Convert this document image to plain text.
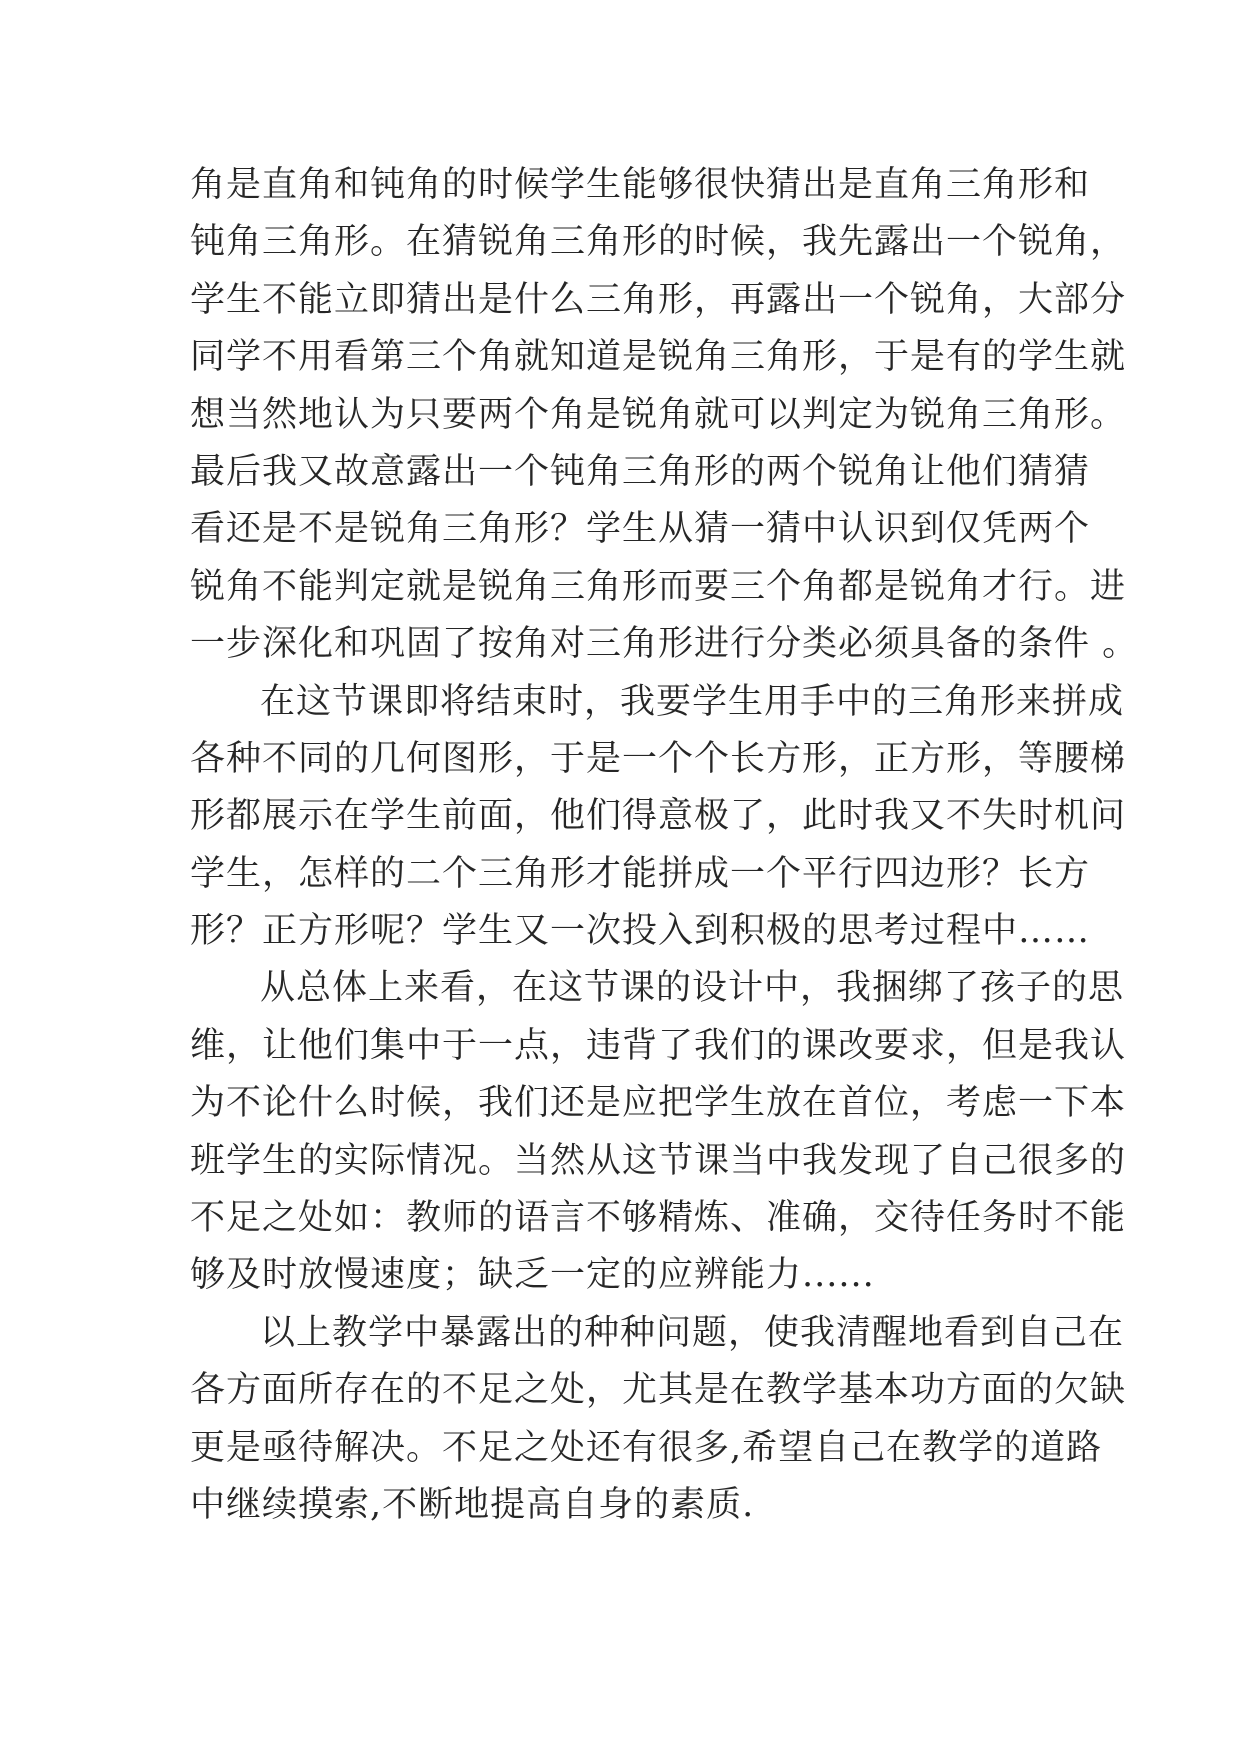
角是直角和钝角的时候学生能够很快猜出是直角三角形和
钝角三角形。在猜锐角三角形的时候，我先露出一个锐角，
学生不能立即猜出是什么三角形，再露出一个锐角，大部分
同学不用看第三个角就知道是锐角三角形，于是有的学生就
想当然地认为只要两个角是锐角就可以判定为锐角三角形。
最后我又故意露出一个钝角三角形的两个锐角让他们猜猜
看还是不是锐角三角形？学生从猜一猜中认识到仅凭两个
锐角不能判定就是锐角三角形而要三个角都是锐角才行。进
一步深化和巩固了按角对三角形进行分类必须具备的条件 。
在这节课即将结束时，我要学生用手中的三角形来拼成
各种不同的几何图形，于是一个个长方形，正方形，等腰梯
形都展示在学生前面，他们得意极了，此时我又不失时机问
学生，怎样的二个三角形才能拼成一个平行四边形？长方
形？正方形呢？学生又一次投入到积极的思考过程中……
从总体上来看，在这节课的设计中，我捆绑了孩子的思
维，让他们集中于一点，违背了我们的课改要求，但是我认
为不论什么时候，我们还是应把学生放在首位，考虑一下本
班学生的实际情况。当然从这节课当中我发现了自己很多的
不足之处如：教师的语言不够精炼、准确，交待任务时不能
够及时放慢速度；缺乏一定的应辨能力......
以上教学中暴露出的种种问题，使我清醒地看到自己在
各方面所存在的不足之处，尤其是在教学基本功方面的欠缺
更是亟待解决。不足之处还有很多,希望自己在教学的道路
中继续摸索,不断地提高自身的素质.
